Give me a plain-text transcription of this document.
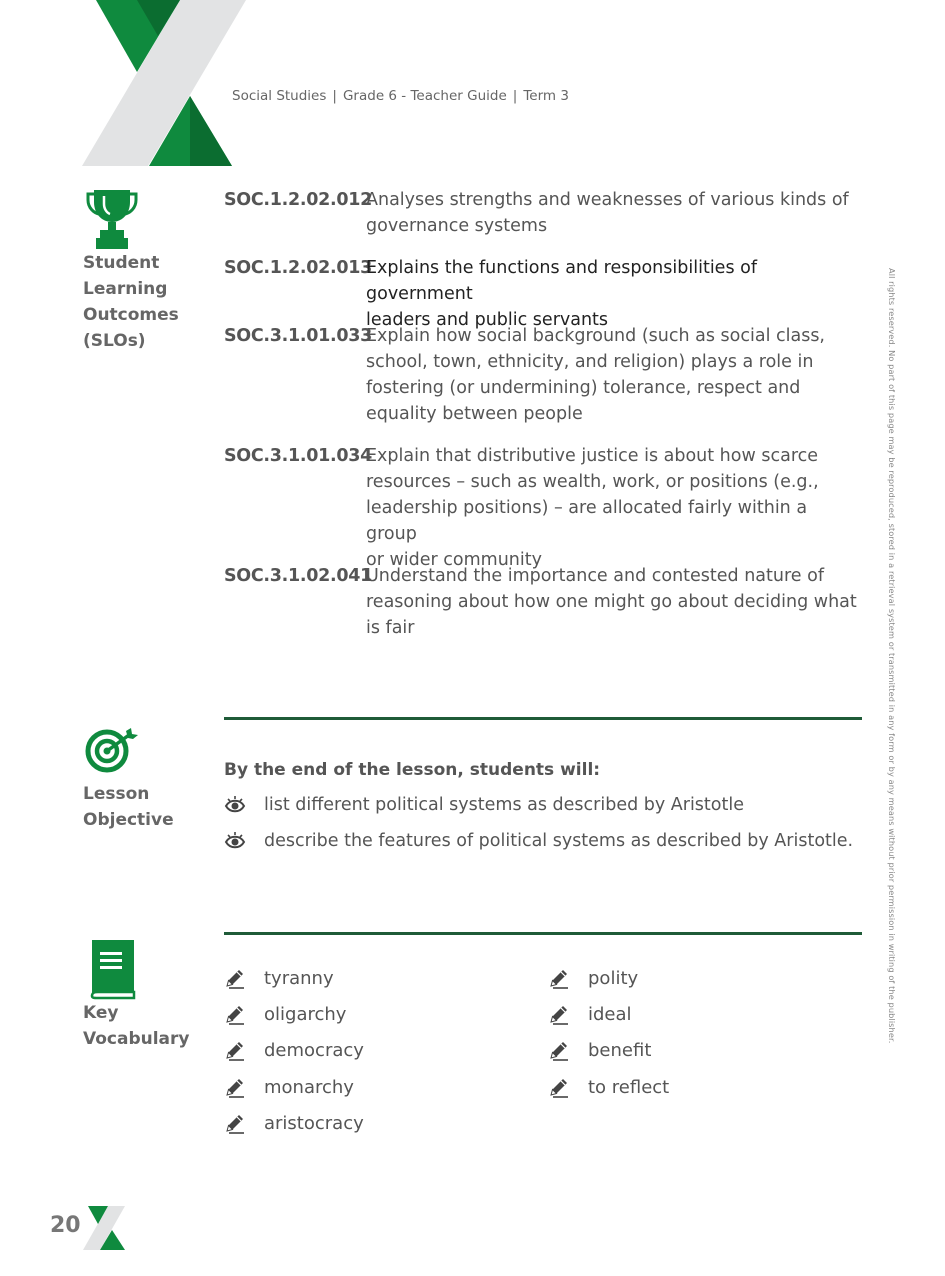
Social Studies | Grade 6 - Teacher Guide | Term 3
Student
Learning
Outcomes
(SLOs)
SOC.1.2.02.012
Analyses strengths and weaknesses of various kinds of
governance systems
SOC.1.2.02.013
Explains the functions and responsibilities of government
leaders and public servants
SOC.3.1.01.033
Explain how social background (such as social class,
school, town, ethnicity, and religion) plays a role in
fostering (or undermining) tolerance, respect and
equality between people
SOC.3.1.01.034
Explain that distributive justice is about how scarce
resources – such as wealth, work, or positions (e.g.,
leadership positions) – are allocated fairly within a group
or wider community
SOC.3.1.02.041
Understand the importance and contested nature of
reasoning about how one might go about deciding what
is fair
Lesson
Objective
By the end of the lesson, students will:
list different political systems as described by Aristotle
describe the features of political systems as described by Aristotle.
Key
Vocabulary
tyranny
oligarchy
democracy
monarchy
aristocracy
polity
ideal
benefit
to reflect
All rights reserved. No part of this page may be reproduced, stored in a retrieval system or transmitted in any form or by any means without prior permission in writing of the publisher.
20
